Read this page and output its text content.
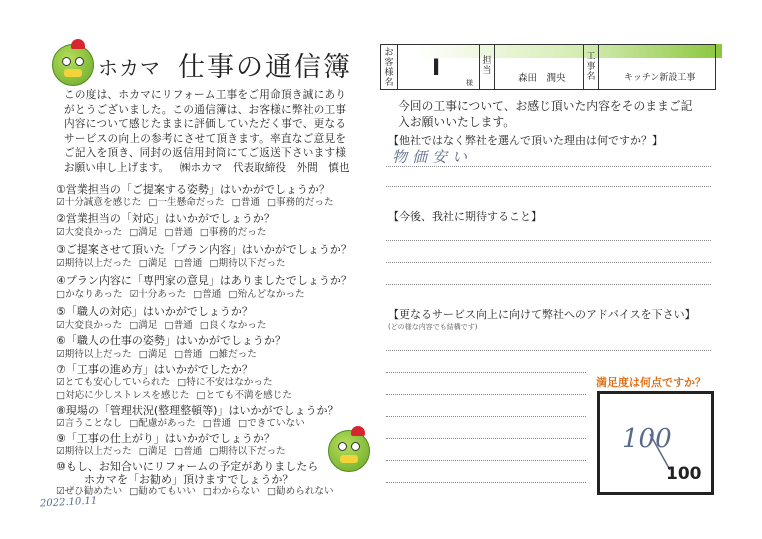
ホカマ 仕事の通信簿
この度は、ホカマにリフォーム工事をご用命頂き誠にありがとうございました。この通信簿は、お客様に弊社の工事内容について感じたままに評価していただく事で、更なるサービスの向上の参考にさせて頂きます。率直なご意見をご記入を頂き、同封の返信用封筒にてご返送下さいます様お願い申し上げます。	㈱ホカマ　代表取締役　外間　慎也
①営業担当の「ご提案する姿勢」はいかがでしょうか？
☑十分誠意を感じた □一生懸命だった □普通 □事務的だった
②営業担当の「対応」はいかがでしょうか？
☑大変良かった □満足 □普通 □事務的だった
③ご提案させて頂いた「プラン内容」はいかがでしょうか？
☑期待以上だった □満足 □普通 □期待以下だった
④プラン内容に「専門家の意見」はありましたでしょうか？
□かなりあった ☑十分あった □普通 □殆んどなかった
⑤「職人の対応」はいかがでしょうか？
☑大変良かった □満足 □普通 □良くなかった
⑥「職人の仕事の姿勢」はいかがでしょうか？
☑期待以上だった □満足 □普通 □雑だった
⑦「工事の進め方」はいかがでしたか？
☑とても安心していられた □特に不安はなかった
□対応に少しストレスを感じた □とても不満を感じた
⑧現場の「管理状況(整理整頓等)」はいかがでしょうか？
☑言うことなし □配慮があった □普通 □できていない
⑨「工事の仕上がり」はいかがでしょうか？
☑期待以上だった □満足 □普通 □期待以下だった
⑩もし、お知合いにリフォームの予定がありましたら
ホカマを「お勧め」頂けますでしょうか？
☑ぜひ勧めたい □勧めてもいい □わからない □勧められない
2022.10.11
お客様名
I
様
担当
森田　潤央
工事名	キッチン新設工事
今回の工事について、お感じ頂いた内容をそのままご記入お願いいたします。
【他社ではなく弊社を選んで頂いた理由は何ですか？】
物価安い
【今後、我社に期待すること】
【更なるサービス向上に向けて弊社へのアドバイスを下さい】
(どの様な内容でも結構です)
満足度は何点ですか？
100
100
